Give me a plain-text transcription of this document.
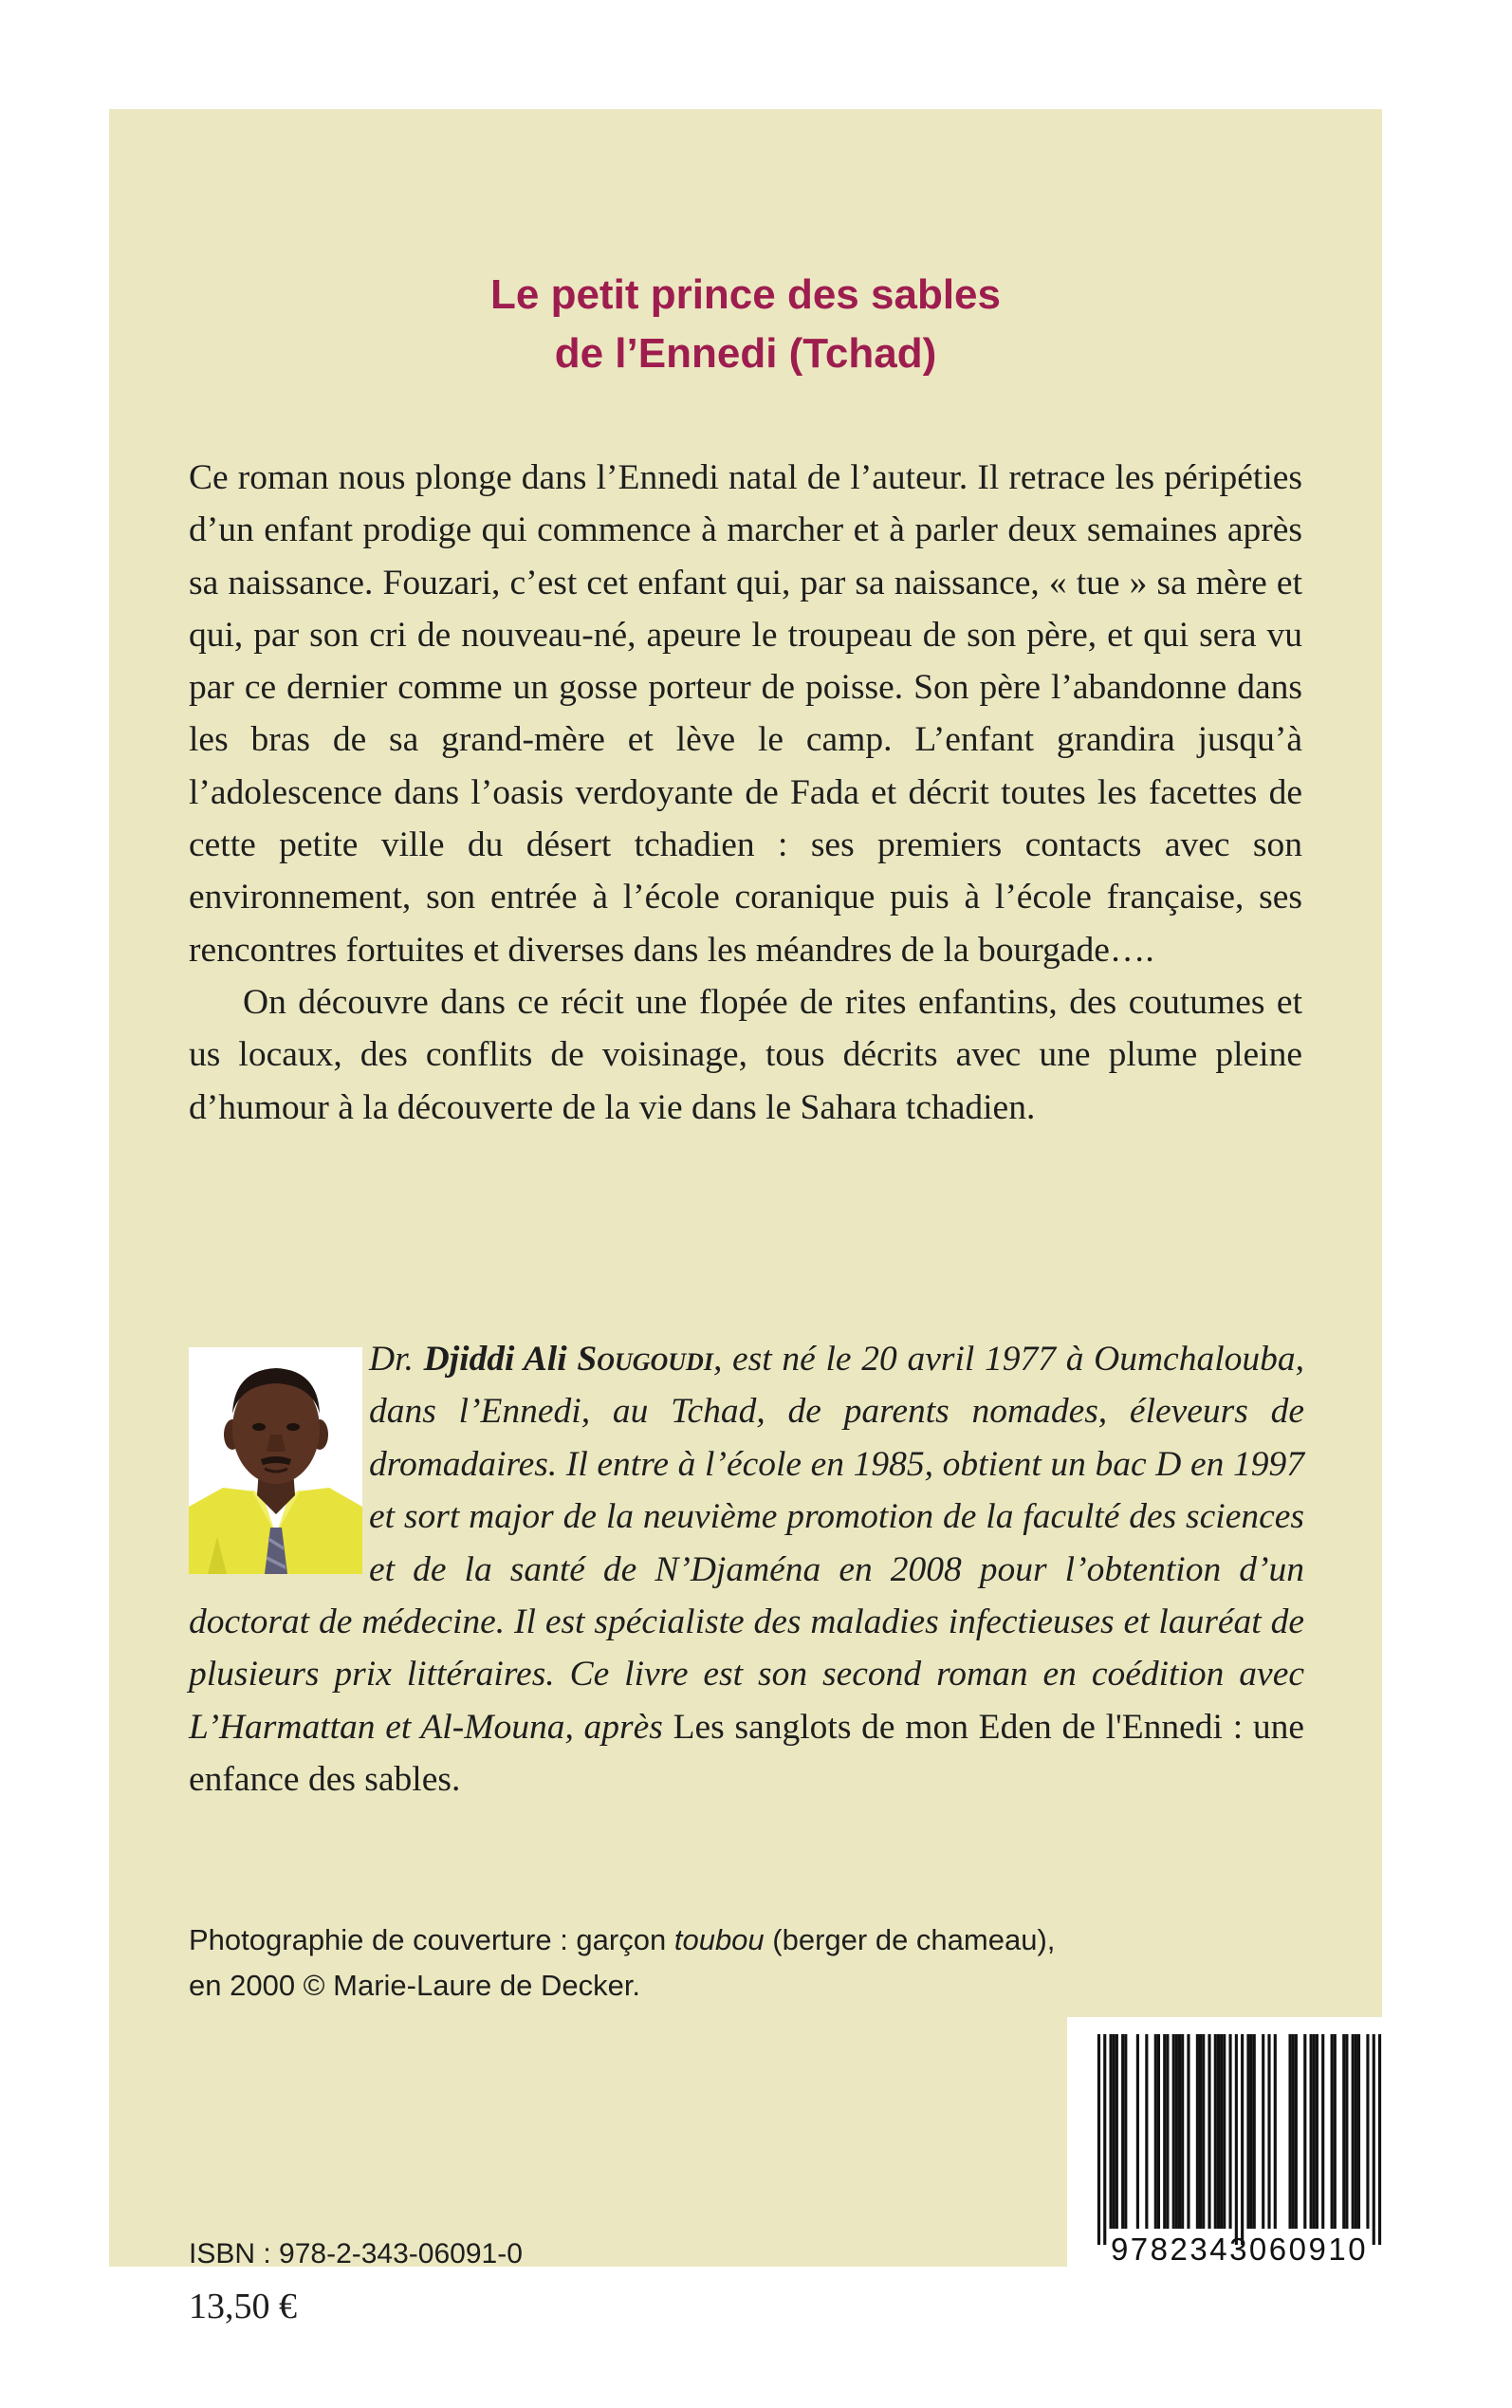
Le petit prince des sables
de l’Ennedi (Tchad)

Ce roman nous plonge dans l’Ennedi natal de l’auteur. Il retrace les péripéties d’un enfant prodige qui commence à marcher et à parler deux semaines après sa naissance. Fouzari, c’est cet enfant qui, par sa naissance, « tue » sa mère et qui, par son cri de nouveau-né, apeure le troupeau de son père, et qui sera vu par ce dernier comme un gosse porteur de poisse. Son père l’abandonne dans les bras de sa grand-mère et lève le camp. L’enfant grandira jusqu’à l’adolescence dans l’oasis verdoyante de Fada et décrit toutes les facettes de cette petite ville du désert tchadien : ses premiers contacts avec son environnement, son entrée à l’école coranique puis à l’école française, ses rencontres fortuites et diverses dans les méandres de la bourgade….

On découvre dans ce récit une flopée de rites enfantins, des coutumes et us locaux, des conflits de voisinage, tous décrits avec une plume pleine d’humour à la découverte de la vie dans le Sahara tchadien.

Dr. Djiddi Ali Sougoudi, est né le 20 avril 1977 à Oumchalouba, dans l’Ennedi, au Tchad, de parents nomades, éleveurs de dromadaires. Il entre à l’école en 1985, obtient un bac D en 1997 et sort major de la neuvième promotion de la faculté des sciences et de la santé de N’Djaména en 2008 pour l’obtention d’un doctorat de médecine. Il est spécialiste des maladies infectieuses et lauréat de plusieurs prix littéraires. Ce livre est son second roman en coédition avec L’Harmattan et Al-Mouna, après Les sanglots de mon Eden de l'Ennedi : une enfance des sables.
Photographie de couverture : garçon toubou (berger de chameau), en 2000 © Marie-Laure de Decker.
9782343060910
ISBN : 978-2-343-06091-0
13,50 €
